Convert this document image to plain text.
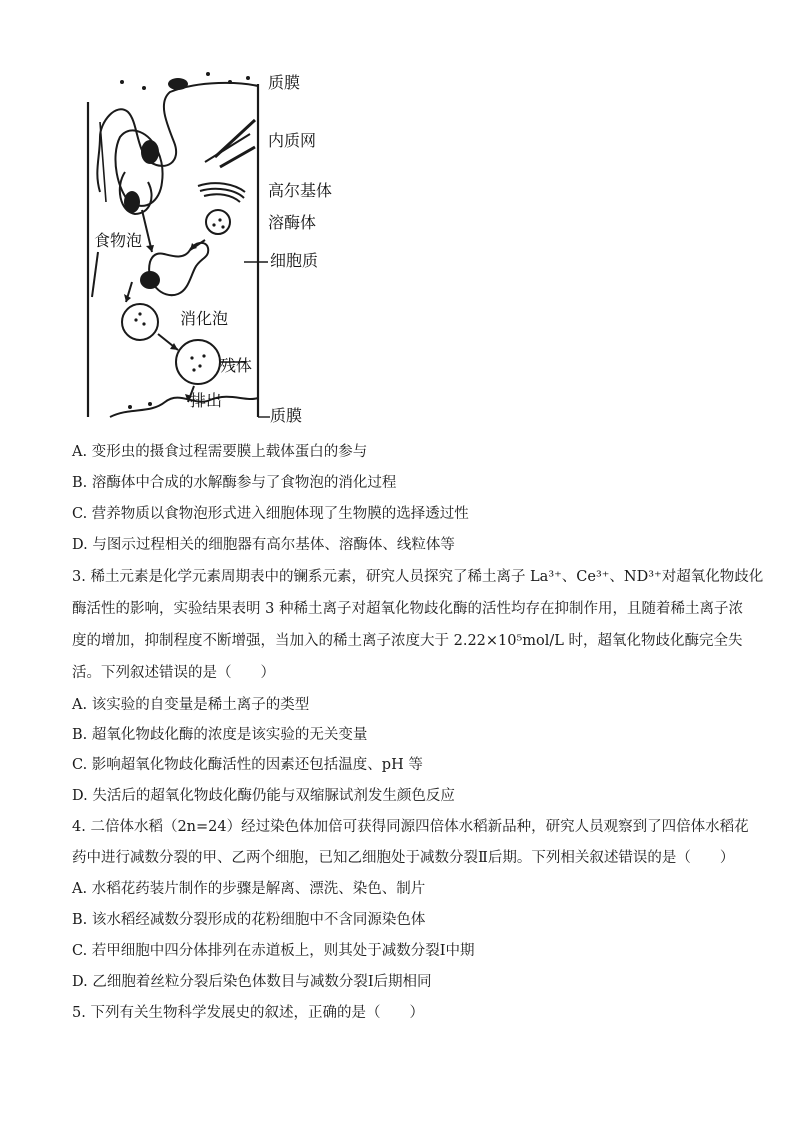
质膜
内质网
高尔基体
溶酶体
食物泡
细胞质
消化泡
残体
排出
质膜
A. 变形虫的摄食过程需要膜上载体蛋白的参与
B. 溶酶体中合成的水解酶参与了食物泡的消化过程
C. 营养物质以食物泡形式进入细胞体现了生物膜的选择透过性
D. 与图示过程相关的细胞器有高尔基体、溶酶体、线粒体等
3. 稀土元素是化学元素周期表中的镧系元素，研究人员探究了稀土离子 La³⁺、Ce³⁺、ND³⁺对超氧化物歧化
酶活性的影响，实验结果表明 3 种稀土离子对超氧化物歧化酶的活性均存在抑制作用，且随着稀土离子浓
度的增加，抑制程度不断增强，当加入的稀土离子浓度大于 2.22×10⁵mol/L 时，超氧化物歧化酶完全失
活。下列叙述错误的是（　　）
A. 该实验的自变量是稀土离子的类型
B. 超氧化物歧化酶的浓度是该实验的无关变量
C. 影响超氧化物歧化酶活性的因素还包括温度、pH 等
D. 失活后的超氧化物歧化酶仍能与双缩脲试剂发生颜色反应
4. 二倍体水稻（2n=24）经过染色体加倍可获得同源四倍体水稻新品种，研究人员观察到了四倍体水稻花
药中进行减数分裂的甲、乙两个细胞，已知乙细胞处于减数分裂Ⅱ后期。下列相关叙述错误的是（　　）
A. 水稻花药装片制作的步骤是解离、漂洗、染色、制片
B. 该水稻经减数分裂形成的花粉细胞中不含同源染色体
C. 若甲细胞中四分体排列在赤道板上，则其处于减数分裂Ⅰ中期
D. 乙细胞着丝粒分裂后染色体数目与减数分裂Ⅰ后期相同
5. 下列有关生物科学发展史的叙述，正确的是（　　）
